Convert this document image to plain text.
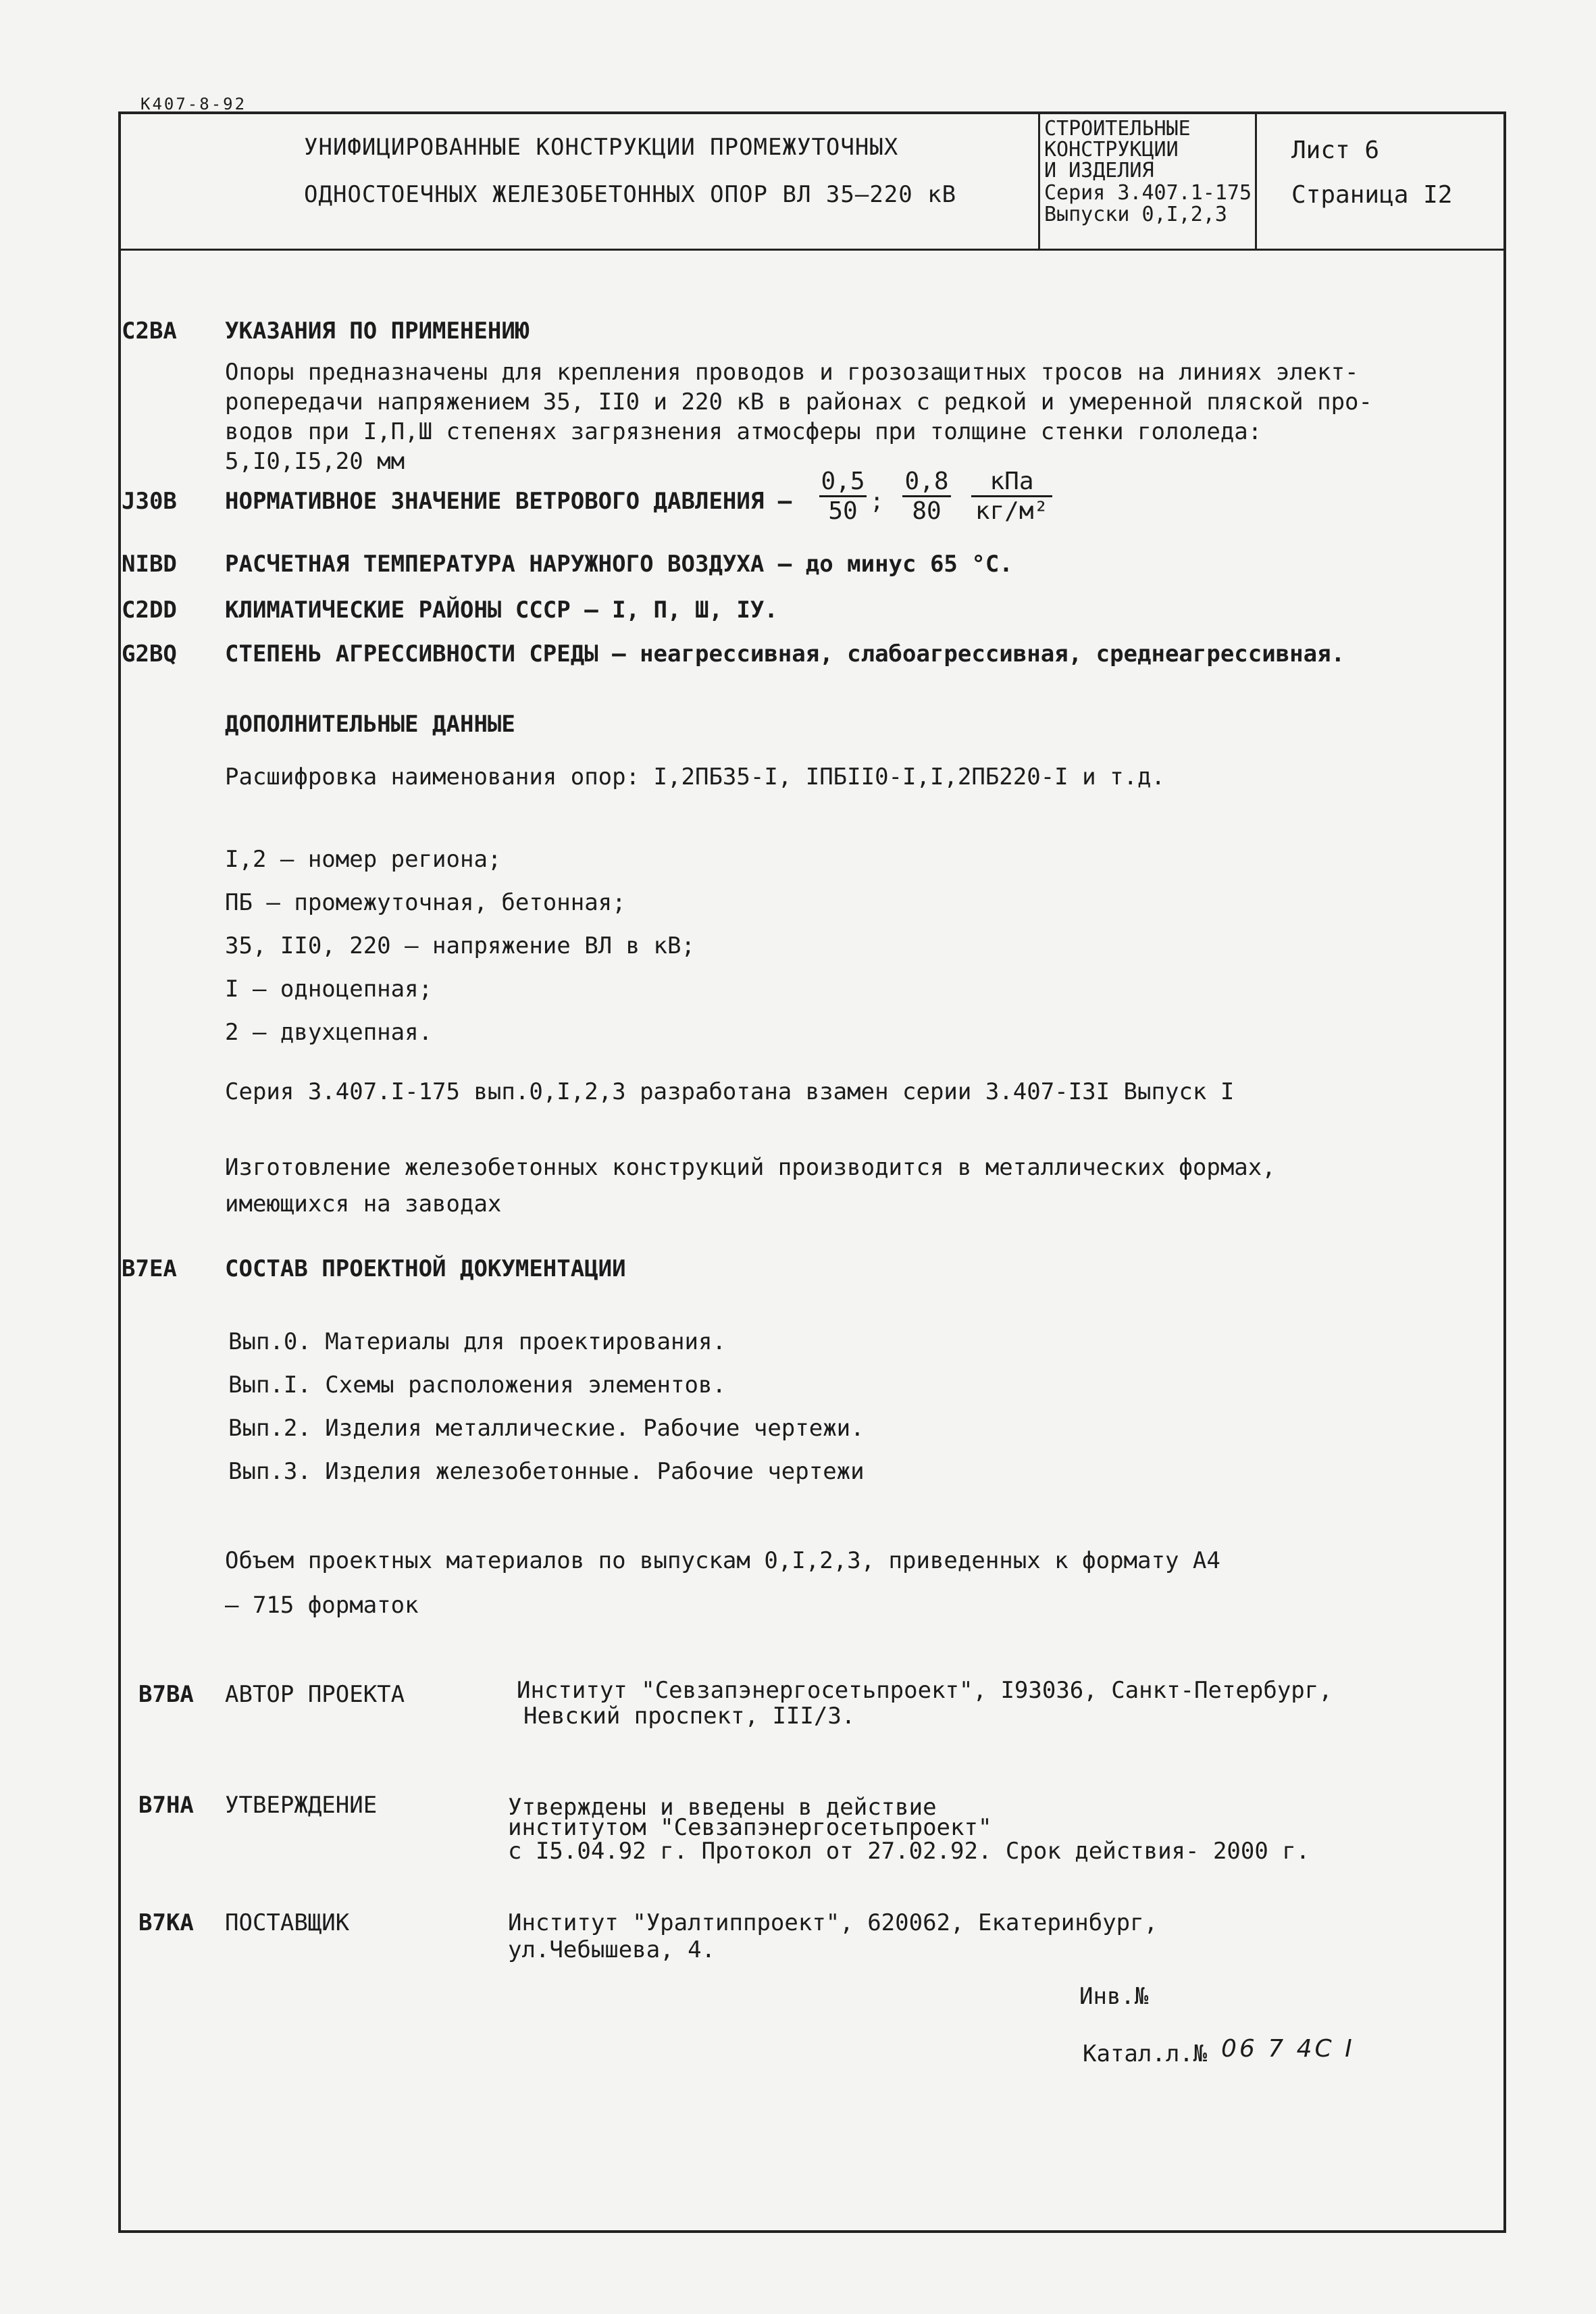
К407-8-92
УНИФИЦИРОВАННЫЕ КОНСТРУКЦИИ ПРОМЕЖУТОЧНЫХ
ОДНОСТОЕЧНЫХ ЖЕЛЕЗОБЕТОННЫХ ОПОР ВЛ 35–220 кВ
СТРОИТЕЛЬНЫЕ
КОНСТРУКЦИИ
И ИЗДЕЛИЯ
Серия 3.407.1-175
Выпуски 0,I,2,3
Лист 6
Страница I2
С2ВА УКАЗАНИЯ ПО ПРИМЕНЕНИЮ
Опоры предназначены для крепления проводов и грозозащитных тросов на линиях элект-
ропередачи напряжением 35, II0 и 220 кВ в районах с редкой и умеренной пляской про-
водов при I,П,Ш степенях загрязнения атмосферы при толщине стенки гололеда:
5,I0,I5,20 мм
J30В НОРМАТИВНОЕ ЗНАЧЕНИЕ ВЕТРОВОГО ДАВЛЕНИЯ – $\frac{0,5}{50}$ ; $\frac{0,8}{80}$	кПа
кг/м²
NIBD РАСЧЕТНАЯ ТЕМПЕРАТУРА НАРУЖНОГО ВОЗДУХА – до минус 65 °С.
С2DD КЛИМАТИЧЕСКИЕ РАЙОНЫ СССР – I, П, Ш, IУ.
G2BQ СТЕПЕНЬ АГРЕССИВНОСТИ СРЕДЫ – неагрессивная, слабоагрессивная, среднеагрессивная.
ДОПОЛНИТЕЛЬНЫЕ ДАННЫЕ
Расшифровка наименования опор: I,2ПБ35-I, IПБII0-I,I,2ПБ220-I и т.д.
I,2 – номер региона;
ПБ – промежуточная, бетонная;
35, II0, 220 – напряжение ВЛ в кВ;
I – одноцепная;
2 – двухцепная.
Серия 3.407.I-175 вып.0,I,2,3 разработана взамен серии 3.407-I3I Выпуск I
Изготовление железобетонных конструкций производится в металлических формах,
имеющихся на заводах
В7ЕА СОСТАВ ПРОЕКТНОЙ ДОКУМЕНТАЦИИ
Вып.0. Материалы для проектирования.
Вып.I. Схемы расположения элементов.
Вып.2. Изделия металлические. Рабочие чертежи.
Вып.3. Изделия железобетонные. Рабочие чертежи
Объем проектных материалов по выпускам 0,I,2,3, приведенных к формату А4
– 715 форматок
В7ВА АВТОР ПРОЕКТА	Институт "Севзапэнергосетьпроект", I93036, Санкт-Петербург,
Невский проспект, III/3.
В7НА УТВЕРЖДЕНИЕ	Утверждены и введены в действие
институтом "Севзапэнергосетьпроект"
с I5.04.92 г. Протокол от 27.02.92. Срок действия- 2000 г.
В7КА ПОСТАВЩИК	Институт "Уралтиппроект", 620062, Екатеринбург,
ул.Чебышева, 4.
Инв.№
Катал.л.№ 06 7 4С I
